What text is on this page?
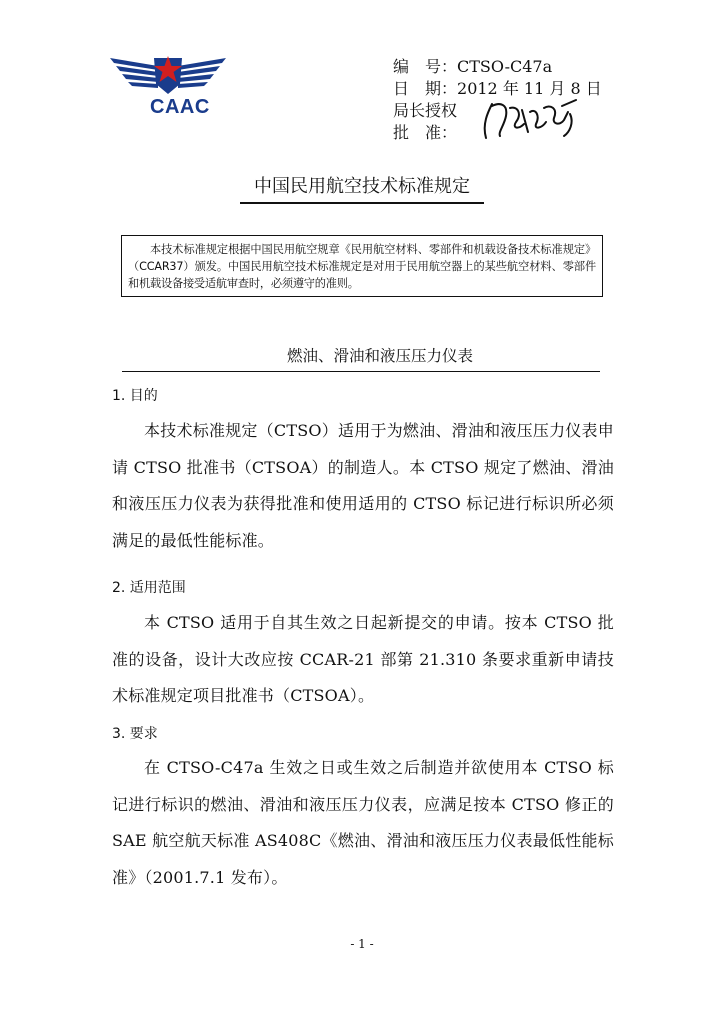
CAAC
编　号：CTSO-C47a
日　期：2012 年 11 月 8 日
局长授权
批　准：
中国民用航空技术标准规定
本技术标准规定根据中国民用航空规章《民用航空材料、零部件和机载设备技术标准规定》（CCAR37）颁发。中国民用航空技术标准规定是对用于民用航空器上的某些航空材料、零部件和机载设备接受适航审查时，必须遵守的准则。
燃油、滑油和液压压力仪表
1. 目的
本技术标准规定（CTSO）适用于为燃油、滑油和液压压力仪表申请 CTSO 批准书（CTSOA）的制造人。本 CTSO 规定了燃油、滑油和液压压力仪表为获得批准和使用适用的 CTSO 标记进行标识所必须满足的最低性能标准。
2. 适用范围
本 CTSO 适用于自其生效之日起新提交的申请。按本 CTSO 批准的设备，设计大改应按 CCAR-21 部第 21.310 条要求重新申请技术标准规定项目批准书（CTSOA）。
3. 要求
在 CTSO-C47a 生效之日或生效之后制造并欲使用本 CTSO 标记进行标识的燃油、滑油和液压压力仪表，应满足按本 CTSO 修正的 SAE 航空航天标准 AS408C《燃油、滑油和液压压力仪表最低性能标准》（2001.7.1 发布）。
- 1 -
